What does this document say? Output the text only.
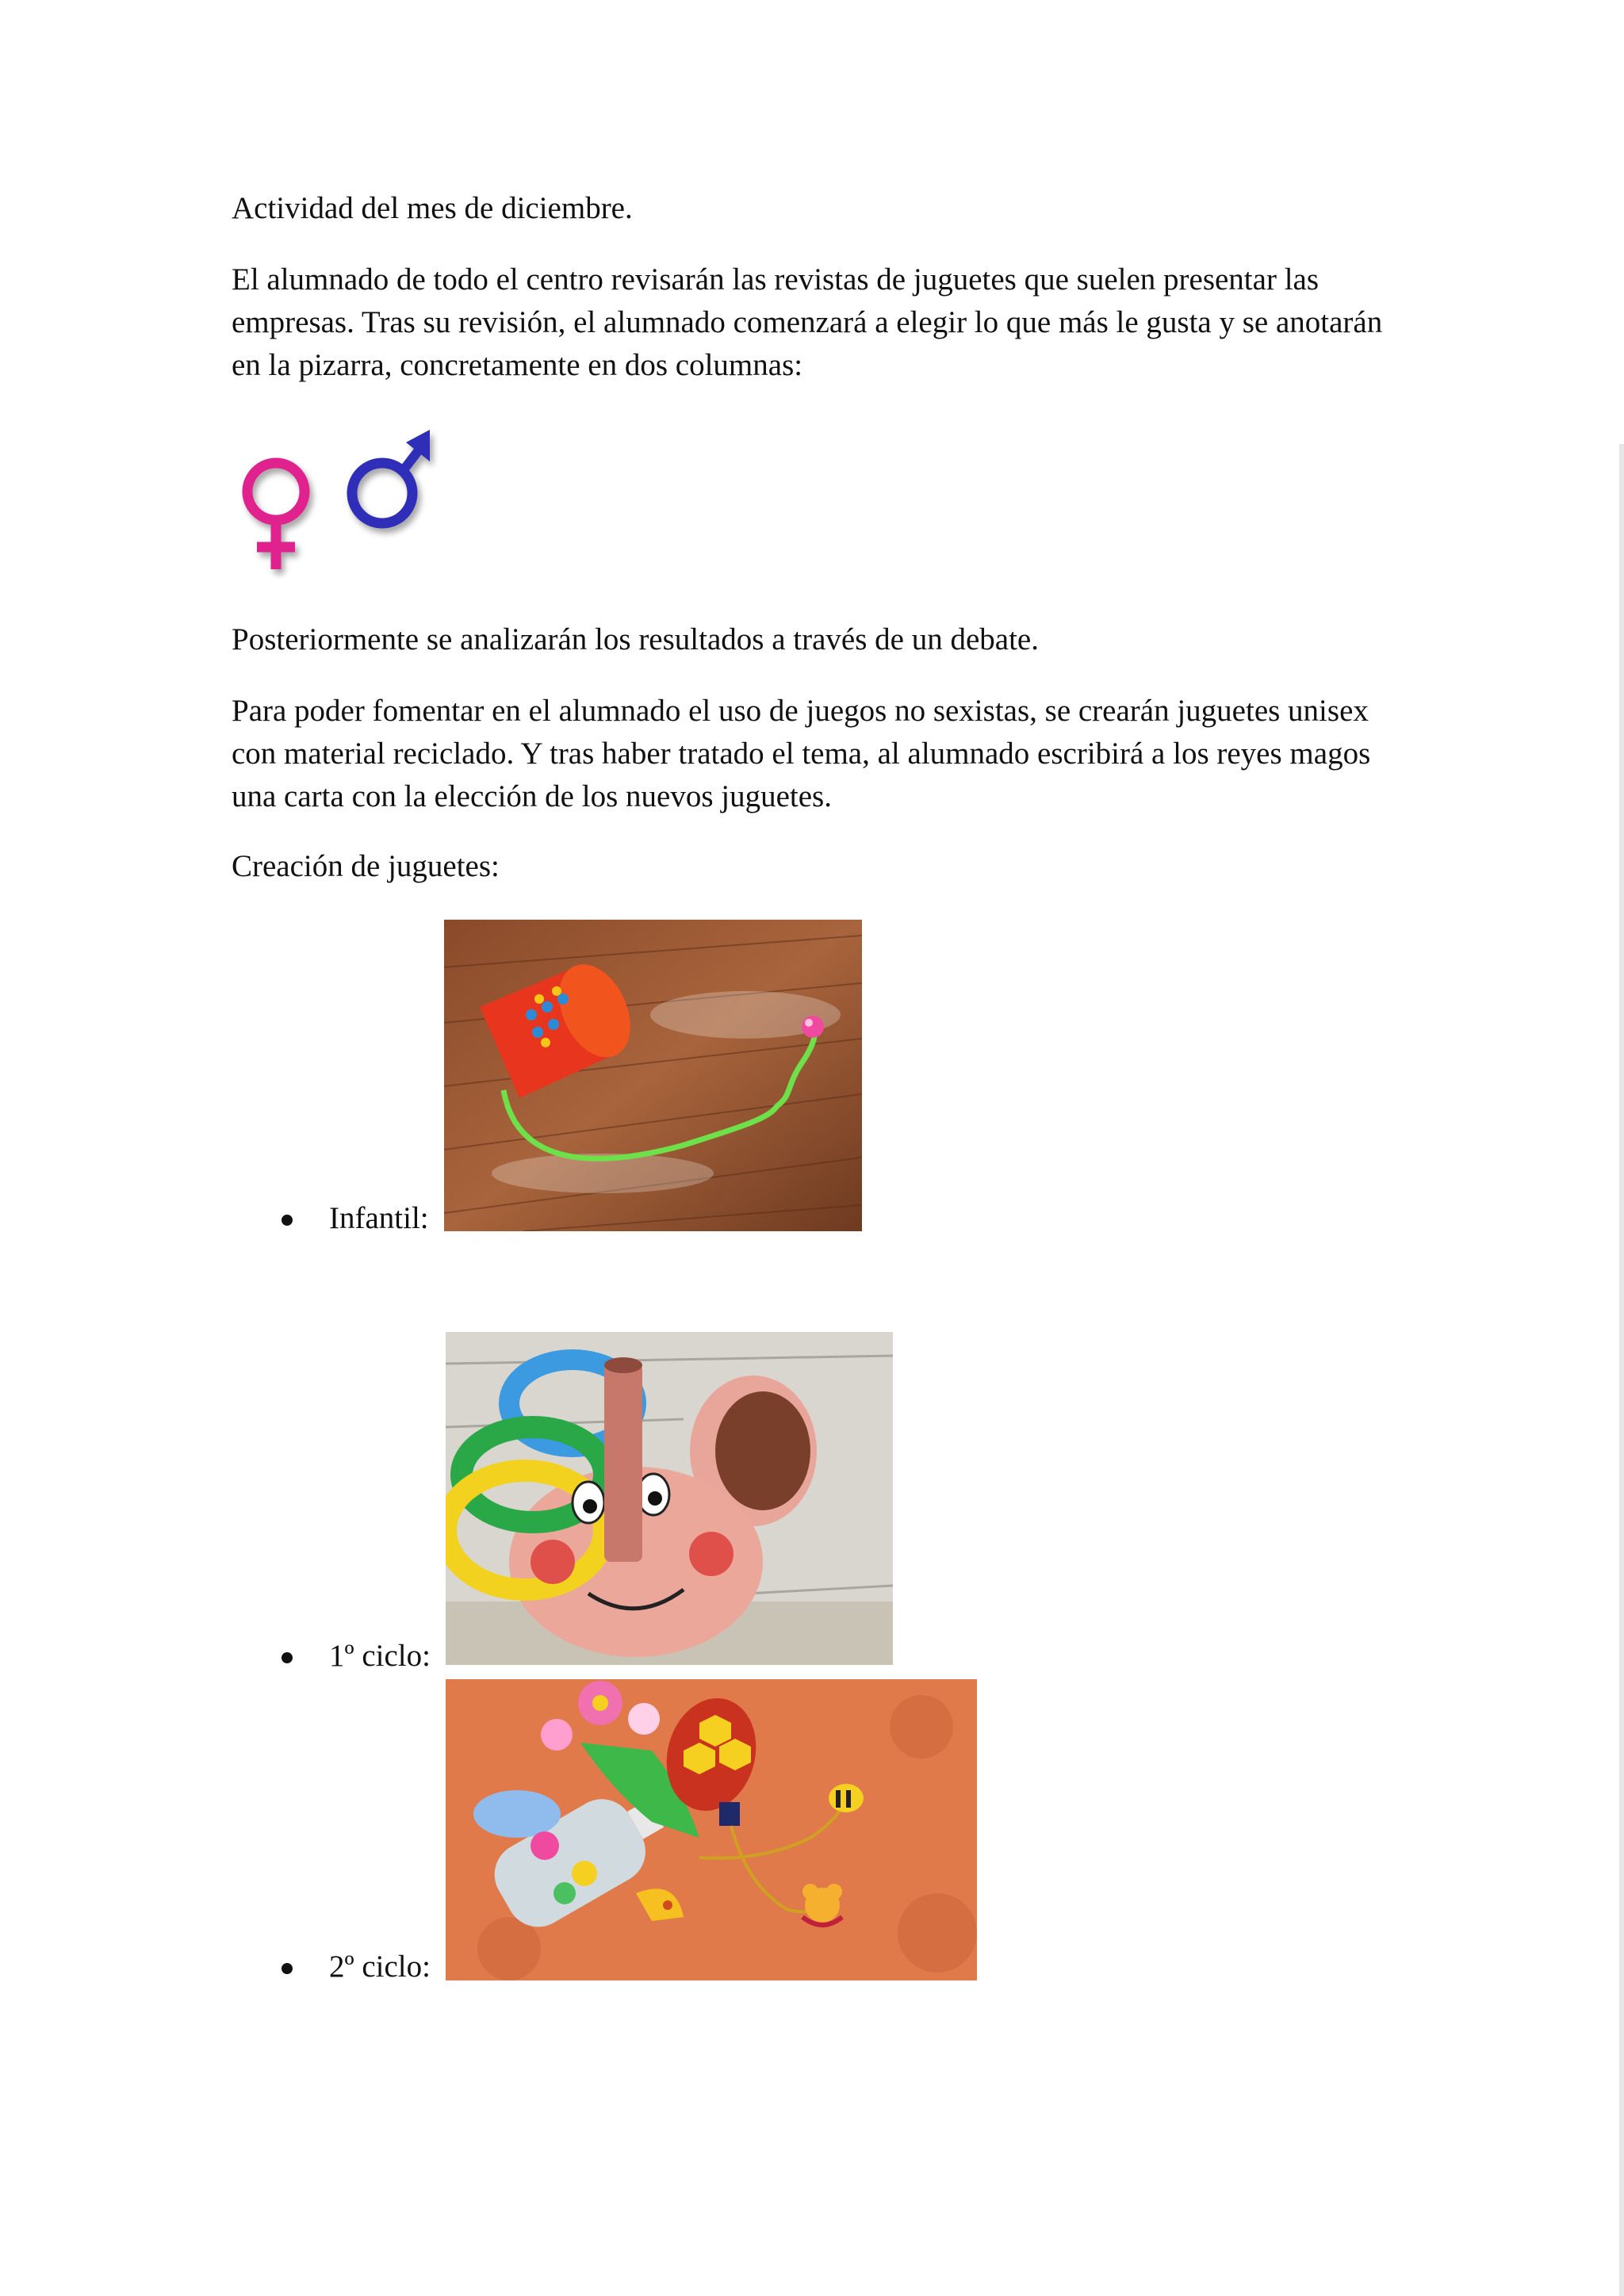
Actividad del mes de diciembre.

El alumnado de todo el centro revisarán las revistas de juguetes que suelen presentar las empresas. Tras su revisión, el alumnado comenzará a elegir lo que más le gusta y se anotarán en la pizarra, concretamente en dos columnas:

Posteriormente se analizarán los resultados a través de un debate.

Para poder fomentar en el alumnado el uso de juegos no sexistas, se crearán juguetes unisex con material reciclado. Y tras haber tratado el tema, al alumnado escribirá a los reyes magos una carta con la elección de los nuevos juguetes.

Creación de juguetes:

Infantil:
1º ciclo:
2º ciclo:
